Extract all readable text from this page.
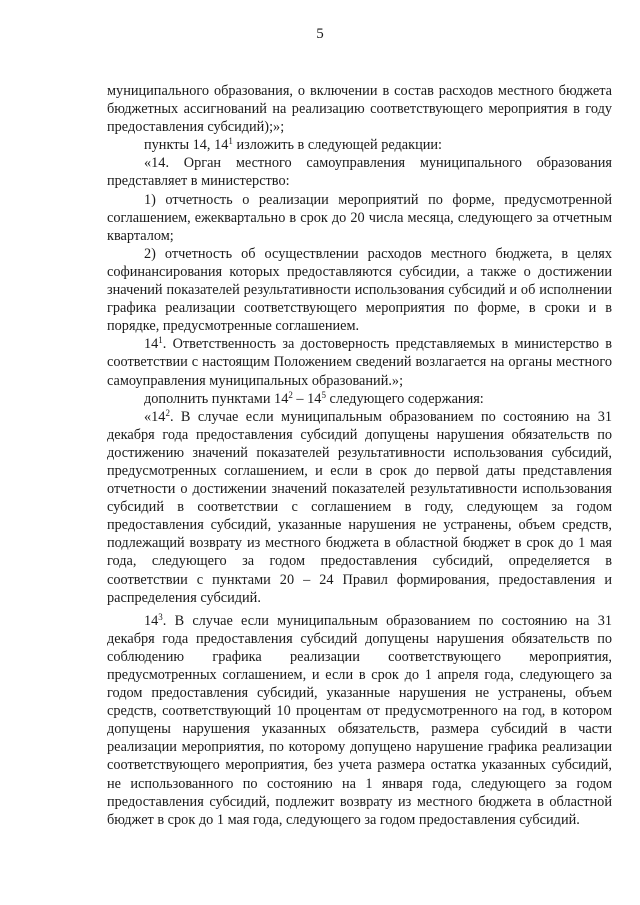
5

муниципального образования, о включении в состав расходов местного бюджета бюджетных ассигнований на реализацию соответствующего мероприятия в году предоставления субсидий);»;

пункты 14, $14^1$ изложить в следующей редакции:

«14. Орган местного самоуправления муниципального образования представляет в министерство:

1) отчетность о реализации мероприятий по форме, предусмотренной соглашением, ежеквартально в срок до 20 числа месяца, следующего за отчетным кварталом;

2) отчетность об осуществлении расходов местного бюджета, в целях софинансирования которых предоставляются субсидии, а также о достижении значений показателей результативности использования субсидий и об исполнении графика реализации соответствующего мероприятия по форме, в сроки и в порядке, предусмотренные соглашением.

$14^1$. Ответственность за достоверность представляемых в министерство в соответствии с настоящим Положением сведений возлагается на органы местного самоуправления муниципальных образований.»;

дополнить пунктами $14^2 - 14^5$ следующего содержания:

«$14^2$. В случае если муниципальным образованием по состоянию на 31 декабря года предоставления субсидий допущены нарушения обязательств по достижению значений показателей результативности использования субсидий, предусмотренных соглашением, и если в срок до первой даты представления отчетности о достижении значений показателей результативности использования субсидий в соответствии с соглашением в году, следующем за годом предоставления субсидий, указанные нарушения не устранены, объем средств, подлежащий возврату из местного бюджета в областной бюджет в срок до 1 мая года, следующего за годом предоставления субсидий, определяется в соответствии с пунктами 20 – 24 Правил формирования, предоставления и распределения субсидий.

$14^3$. В случае если муниципальным образованием по состоянию на 31 декабря года предоставления субсидий допущены нарушения обязательств по соблюдению графика реализации соответствующего мероприятия, предусмотренных соглашением, и если в срок до 1 апреля года, следующего за годом предоставления субсидий, указанные нарушения не устранены, объем средств, соответствующий 10 процентам от предусмотренного на год, в котором допущены нарушения указанных обязательств, размера субсидий в части реализации мероприятия, по которому допущено нарушение графика реализации соответствующего мероприятия, без учета размера остатка указанных субсидий, не использованного по состоянию на 1 января года, следующего за годом предоставления субсидий, подлежит возврату из местного бюджета в областной бюджет в срок до 1 мая года, следующего за годом предоставления субсидий.
